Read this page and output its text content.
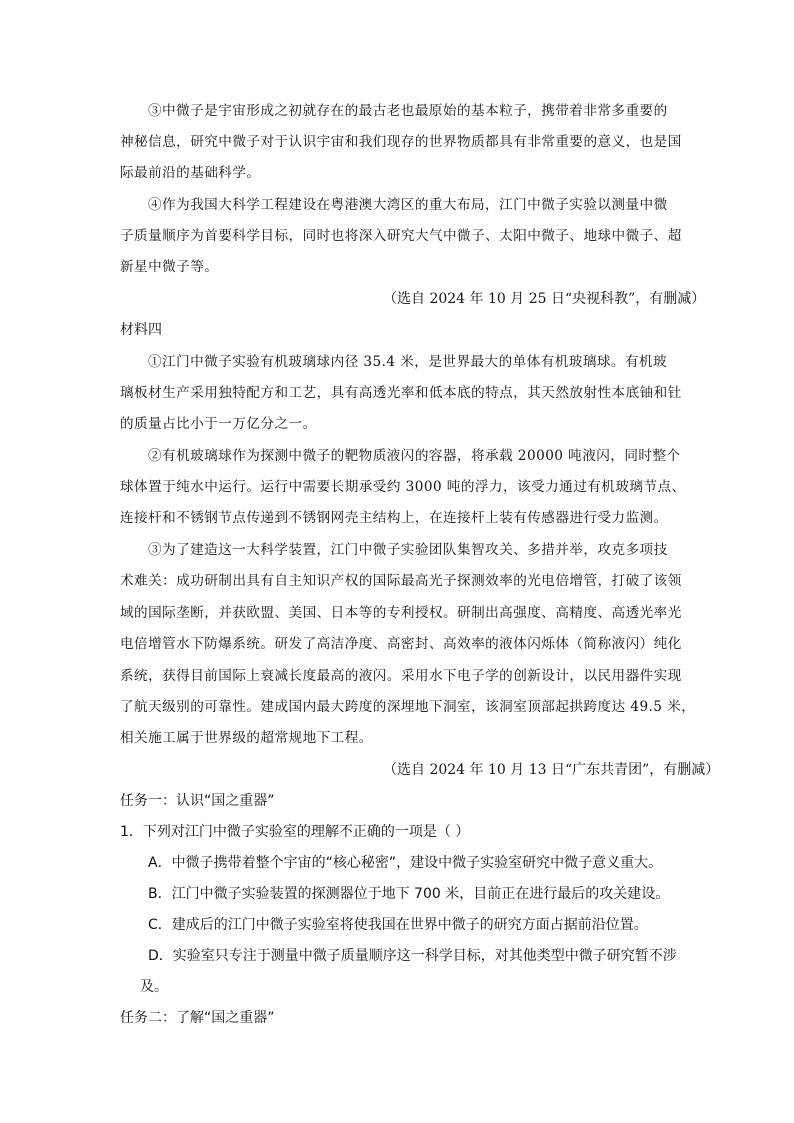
③中微子是宇宙形成之初就存在的最古老也最原始的基本粒子，携带着非常多重要的
神秘信息，研究中微子对于认识宇宙和我们现存的世界物质都具有非常重要的意义，也是国
际最前沿的基础科学。
④作为我国大科学工程建设在粤港澳大湾区的重大布局，江门中微子实验以测量中微
子质量顺序为首要科学目标，同时也将深入研究大气中微子、太阳中微子、地球中微子、超
新星中微子等。
（选自 2024 年 10 月 25 日“央视科教”，有删减）
材料四
①江门中微子实验有机玻璃球内径 35.4 米，是世界最大的单体有机玻璃球。有机玻
璃板材生产采用独特配方和工艺，具有高透光率和低本底的特点，其天然放射性本底铀和钍
的质量占比小于一万亿分之一。
②有机玻璃球作为探测中微子的靶物质液闪的容器，将承载 20000 吨液闪，同时整个
球体置于纯水中运行。运行中需要长期承受约 3000 吨的浮力，该受力通过有机玻璃节点、
连接杆和不锈钢节点传递到不锈钢网壳主结构上，在连接杆上装有传感器进行受力监测。
③为了建造这一大科学装置，江门中微子实验团队集智攻关、多措并举，攻克多项技
术难关：成功研制出具有自主知识产权的国际最高光子探测效率的光电倍增管，打破了该领
域的国际垄断，并获欧盟、美国、日本等的专利授权。研制出高强度、高精度、高透光率光
电倍增管水下防爆系统。研发了高洁净度、高密封、高效率的液体闪烁体（简称液闪）纯化
系统，获得目前国际上衰减长度最高的液闪。采用水下电子学的创新设计，以民用器件实现
了航天级别的可靠性。建成国内最大跨度的深埋地下洞室，该洞室顶部起拱跨度达 49.5 米，
相关施工属于世界级的超常规地下工程。
（选自 2024 年 10 月 13 日“广东共青团”，有删减）
任务一：认识“国之重器”
1．下列对江门中微子实验室的理解不正确的一项是（ ）
A．中微子携带着整个宇宙的“核心秘密”，建设中微子实验室研究中微子意义重大。
B．江门中微子实验装置的探测器位于地下 700 米，目前正在进行最后的攻关建设。
C．建成后的江门中微子实验室将使我国在世界中微子的研究方面占据前沿位置。
D．实验室只专注于测量中微子质量顺序这一科学目标，对其他类型中微子研究暂不涉
及。
任务二：了解“国之重器”
